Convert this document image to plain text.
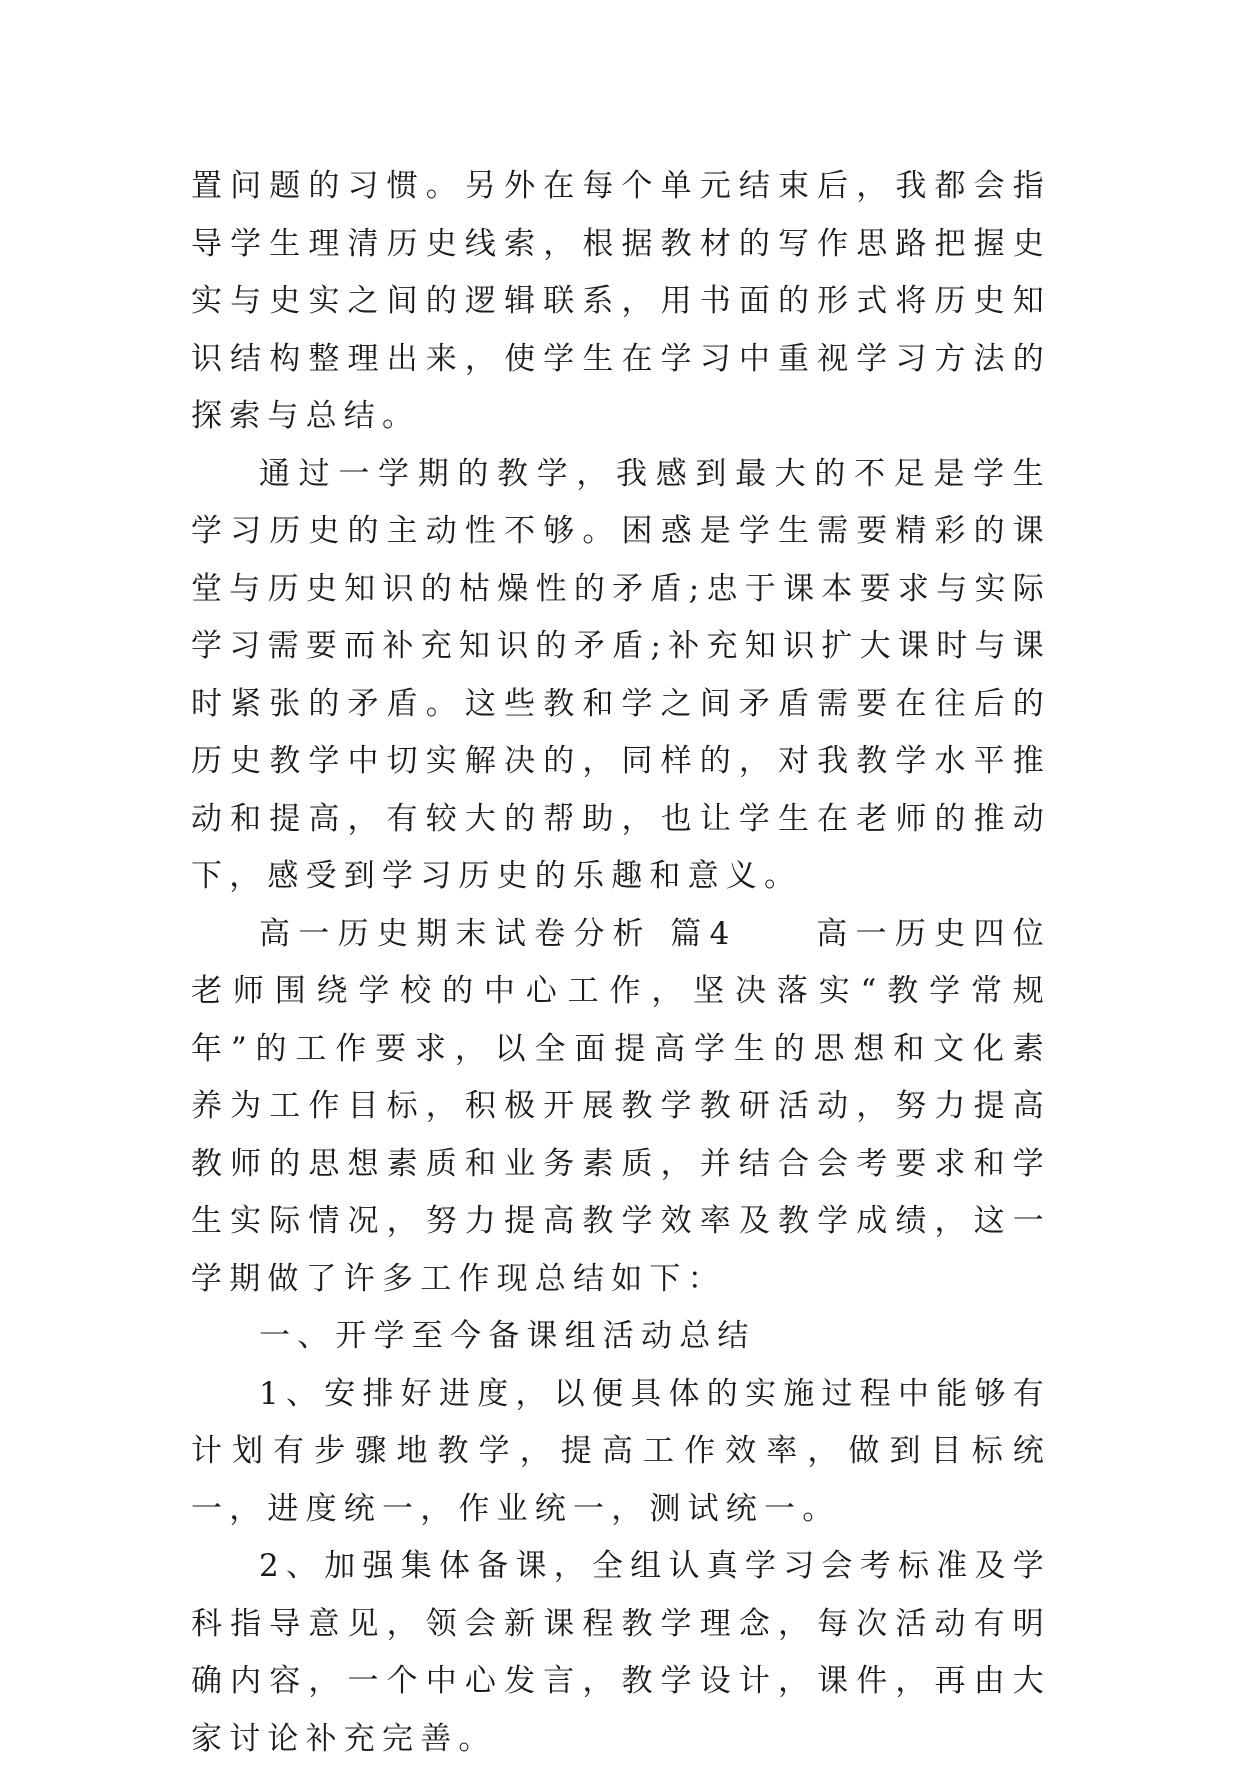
置问题的习惯。另外在每个单元结束后，我都会指导学生理清历史线索，根据教材的写作思路把握史实与史实之间的逻辑联系，用书面的形式将历史知识结构整理出来，使学生在学习中重视学习方法的探索与总结。

通过一学期的教学，我感到最大的不足是学生学习历史的主动性不够。困惑是学生需要精彩的课堂与历史知识的枯燥性的矛盾;忠于课本要求与实际学习需要而补充知识的矛盾;补充知识扩大课时与课时紧张的矛盾。这些教和学之间矛盾需要在往后的历史教学中切实解决的，同样的，对我教学水平推动和提高，有较大的帮助，也让学生在老师的推动下，感受到学习历史的乐趣和意义。

高一历史期末试卷分析 篇4　　高一历史四位老师围绕学校的中心工作，坚决落实“教学常规年”的工作要求，以全面提高学生的思想和文化素养为工作目标，积极开展教学教研活动，努力提高教师的思想素质和业务素质，并结合会考要求和学生实际情况，努力提高教学效率及教学成绩，这一学期做了许多工作现总结如下：

一、开学至今备课组活动总结

1、安排好进度，以便具体的实施过程中能够有计划有步骤地教学，提高工作效率，做到目标统一，进度统一，作业统一，测试统一。

2、加强集体备课，全组认真学习会考标准及学科指导意见，领会新课程教学理念，每次活动有明确内容，一个中心发言，教学设计，课件，再由大家讨论补充完善。
